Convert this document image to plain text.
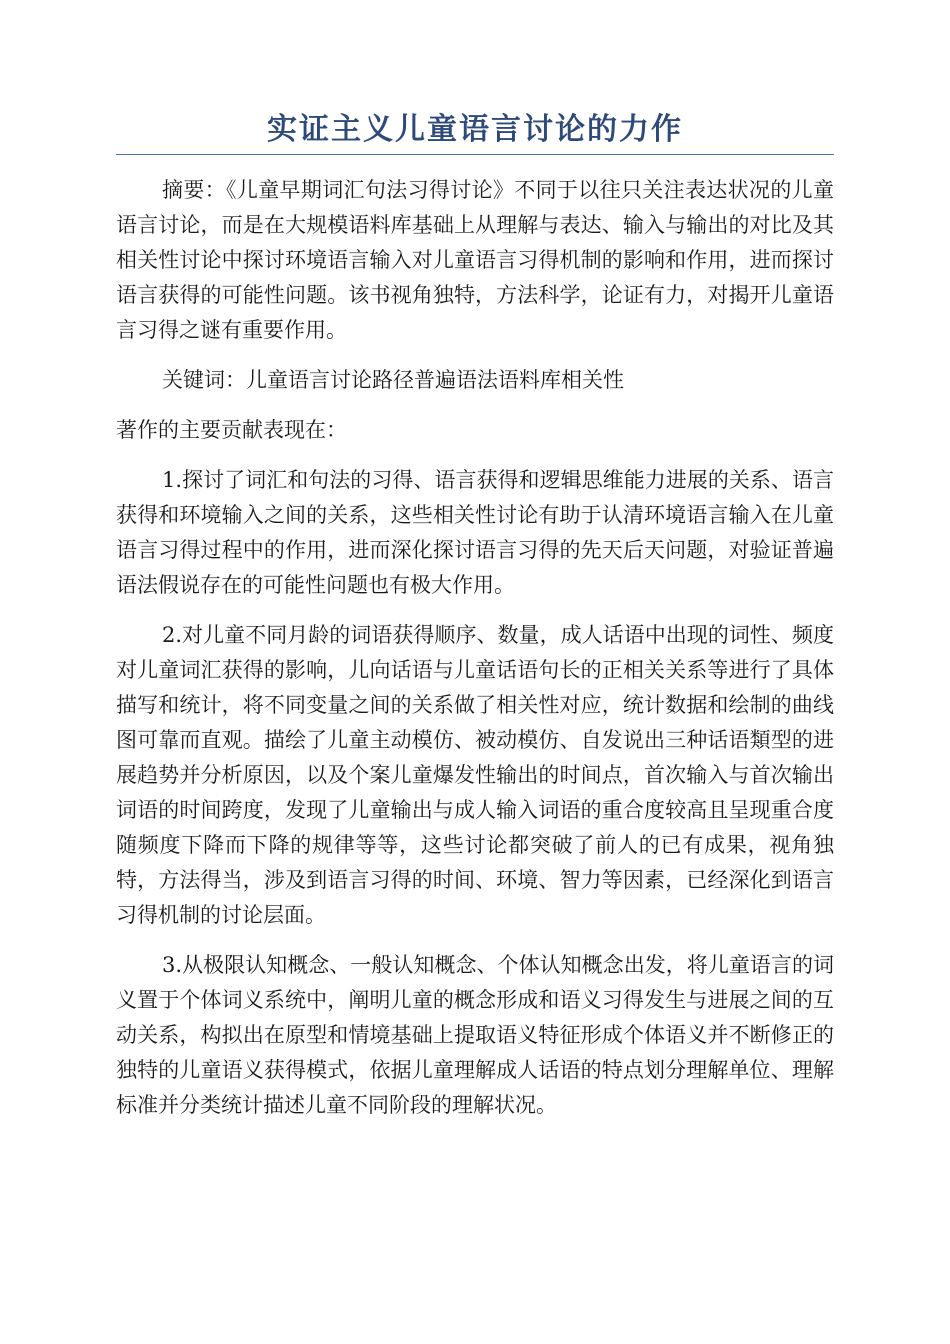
实证主义儿童语言讨论的力作

摘要：《儿童早期词汇句法习得讨论》不同于以往只关注表达状况的儿童语言讨论，而是在大规模语料库基础上从理解与表达、输入与输出的对比及其相关性讨论中探讨环境语言输入对儿童语言习得机制的影响和作用，进而探讨语言获得的可能性问题。该书视角独特，方法科学，论证有力，对揭开儿童语言习得之谜有重要作用。

关键词：儿童语言讨论路径普遍语法语料库相关性

著作的主要贡献表现在：

1.探讨了词汇和句法的习得、语言获得和逻辑思维能力进展的关系、语言获得和环境输入之间的关系，这些相关性讨论有助于认清环境语言输入在儿童语言习得过程中的作用，进而深化探讨语言习得的先天后天问题，对验证普遍语法假说存在的可能性问题也有极大作用。

2.对儿童不同月龄的词语获得顺序、数量，成人话语中出现的词性、频度对儿童词汇获得的影响，儿向话语与儿童话语句长的正相关关系等进行了具体描写和统计，将不同变量之间的关系做了相关性对应，统计数据和绘制的曲线图可靠而直观。描绘了儿童主动模仿、被动模仿、自发说出三种话语類型的进展趋势并分析原因，以及个案儿童爆发性输出的时间点，首次输入与首次输出词语的时间跨度，发现了儿童输出与成人输入词语的重合度较高且呈现重合度随频度下降而下降的规律等等，这些讨论都突破了前人的已有成果，视角独特，方法得当，涉及到语言习得的时间、环境、智力等因素，已经深化到语言习得机制的讨论层面。

3.从极限认知概念、一般认知概念、个体认知概念出发，将儿童语言的词义置于个体词义系统中，阐明儿童的概念形成和语义习得发生与进展之间的互动关系，构拟出在原型和情境基础上提取语义特征形成个体语义并不断修正的独特的儿童语义获得模式，依据儿童理解成人话语的特点划分理解单位、理解标准并分类统计描述儿童不同阶段的理解状况。
